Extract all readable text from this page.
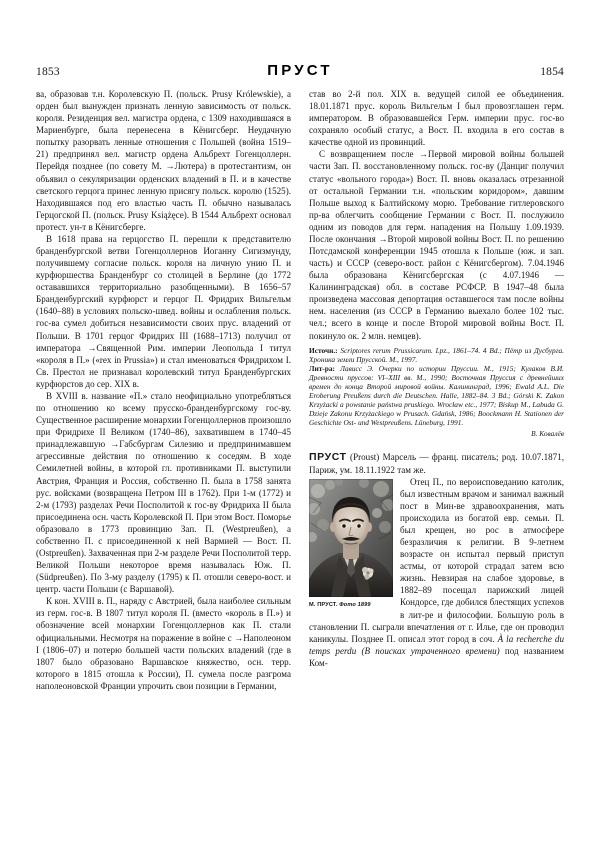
1853	ПРУСТ	1854

ва, образовав т.н. Королевскую П. (польск. Prusy Królewskie), а орден был вынужден признать ленную зависимость от польск. короля. Резиденция вел. магистра ордена, с 1309 находившаяся в Мариенбурге, была перенесена в Кёнигсберг. Неудачную попытку разорвать ленные отношения с Польшей (война 1519–21) предпринял вел. магистр ордена Альбрехт Гогенцоллерн. Перейдя позднее (по совету М. →Лютера) в протестантизм, он объявил о секуляризации орденских владений в П. и в качестве светского герцога принес ленную присягу польск. королю (1525). Находившаяся под его властью часть П. обычно называлась Герцогской П. (польск. Prusy Książęce). В 1544 Альбрехт основал протест. ун-т в Кёнигсберге.

В 1618 права на герцогство П. перешли к представителю бранденбургской ветви Гогенцоллернов Иоганну Сигизмунду, получившему согласие польск. короля на личную унию П. и курфюршества Бранденбург со столицей в Берлине (до 1772 остававшихся территориально разобщенными). В 1656–57 Бранденбургский курфюрст и герцог П. Фридрих Вильгельм (1640–88) в условиях польско-швед. войны и ослабления польск. гос-ва сумел добиться независимости своих прус. владений от Польши. В 1701 герцог Фридрих III (1688–1713) получил от императора →Священной Рим. империи Леопольда I титул «короля в П.» («rex in Prussia») и стал именоваться Фридрихом I. Св. Престол не признавал королевский титул Бранденбургских курфюрстов до сер. XIX в.

В XVIII в. название «П.» стало неофициально употребляться по отношению ко всему прусско-бранденбургскому гос-ву. Существенное расширение монархии Гогенцоллернов произошло при Фридрихе II Великом (1740–86), захватившем в 1740–45 принадлежавшую →Габсбургам Силезию и предпринимавшем агрессивные действия по отношению к соседям. В ходе Семилетней войны, в которой гл. противниками П. выступили Австрия, Франция и Россия, собственно П. была в 1758 занята рус. войсками (возвращена Петром III в 1762). При 1-м (1772) и 2-м (1793) разделах Речи Посполитой к гос-ву Фридриха II была присоединена осн. часть Королевской П. При этом Вост. Поморье образовало в 1773 провинцию Зап. П. (Westpreußen), а собственно П. с присоединенной к ней Вармией — Вост. П. (Ostpreußen). Захваченная при 2-м разделе Речи Посполитой терр. Великой Польши некоторое время называлась Юж. П. (Südpreußen). По 3-му разделу (1795) к П. отошли северо-вост. и центр. части Польши (с Варшавой).

К кон. XVIII в. П., наряду с Австрией, была наиболее сильным из герм. гос-в. В 1807 титул короля П. (вместо «король в П.») и обозначение всей монархии Гогенцоллернов как П. стали официальными. Несмотря на поражение в войне с →Наполеоном I (1806–07) и потерю большей части польских владений (где в 1807 было образовано Варшавское княжество, осн. терр. которого в 1815 отошла к России), П. сумела после разгрома наполеоновской Франции упрочить свои позиции в Германии,

став во 2-й пол. XIX в. ведущей силой ее объединения. 18.01.1871 прус. король Вильгельм I был провозглашен герм. императором. В образовавшейся Герм. империи прус. гос-во сохраняло особый статус, а Вост. П. входила в его состав в качестве одной из провинций.

С возвращением после →Первой мировой войны большей части Зап. П. восстановленному польск. гос-ву (Данциг получил статус «вольного города») Вост. П. вновь оказалась отрезанной от остальной Германии т.н. «польским коридором», давшим Польше выход к Балтийскому морю. Требование гитлеровского пр-ва облегчить сообщение Германии с Вост. П. послужило одним из поводов для герм. нападения на Польшу 1.09.1939. После окончания →Второй мировой войны Вост. П. по решению Потсдамской конференции 1945 отошла к Польше (юж. и зап. часть) и СССР (северо-вост. район с Кёнигсбергом). 7.04.1946 была образована Кёнигсбергская (с 4.07.1946 — Калининградская) обл. в составе РСФСР. В 1947–48 была произведена массовая депортация оставшегося там после войны нем. населения (из СССР в Германию выехало более 102 тыс. чел.; всего в конце и после Второй мировой войны Вост. П. покинуло ок. 2 млн. немцев).

Источн.: Scriptores rerum Prussicarum. Lpz., 1861–74. 4 Bd.; Пётр из Дусбурга. Хроника земли Прусской. М., 1997.

Лит-ра: Лависс Э. Очерки по истории Пруссии. М., 1915; Кулаков В.И. Древности пруссов: VI–XIII вв. М., 1990; Восточная Пруссия с древнейших времен до конца Второй мировой войны. Калининград, 1996; Ewald A.L. Die Eroberung Preußens durch die Deutschen. Halle, 1882–84. 3 Bd.; Górski K. Zakon Krzyżacki a powstanie państwa pruskiego. Wrocław etc., 1977; Biskup M., Labuda G. Dzieje Zakonu Krzyżackiego w Prusach. Gdańsk, 1986; Boockmann H. Stationen der Geschichte Ost- und Westpreußens. Lüneburg, 1991.

В. Ковалёв

ПРУСТ (Proust) Марсель — франц. писатель; род. 10.07.1871, Париж, ум. 18.11.1922 там же.

М. ПРУСТ. Фото 1899
Отец П., по вероисповеданию католик, был известным врачом и занимал важный пост в Мин-ве здравоохранения, мать происходила из богатой евр. семьи. П. был крещен, но рос в атмосфере безразличия к религии. В 9-летнем возрасте он испытал первый приступ астмы, от которой страдал затем всю жизнь. Невзирая на слабое здоровье, в 1882–89 посещал парижский лицей Кондорсе, где добился блестящих успехов в лит-ре и философии. Большую роль в становлении П. сыграли впечатления от г. Илье, где он проводил каникулы. Позднее П. описал этот город в соч. À la recherche du temps perdu (В поисках утраченного времени) под названием Ком-
